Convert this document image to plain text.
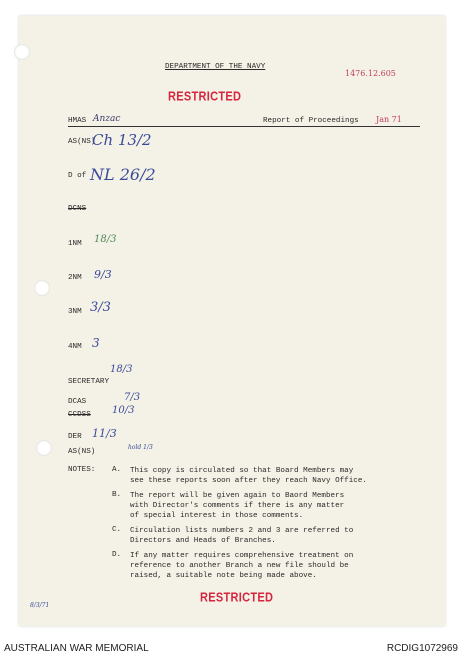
DEPARTMENT OF THE NAVY
1476.12.605
RESTRICTED
HMAS Anzac	Report of Proceedings Jan 71
AS(NS)
D of
DCNS
1NM
2NM
3NM
4NM
SECRETARY
DCAS
CCDSS
DER
AS(NS)
Ch 13/2
NL 26/2
18/3
9/3
3/3
3
18/3
7/3
10/3
11/3
hold 1/3
NOTES: A. This copy is circulated so that Board Members may
see these reports soon after they reach Navy Office.
B. The report will be given again to Baord Members
with Director's comments if there is any matter
of special interest in those comments.
C. Circulation lists numbers 2 and 3 are referred to
Directors and Heads of Branches.
D. If any matter requires comprehensive treatment on
reference to another Branch a new file should be
raised, a suitable note being made above.
8/3/71
RESTRICTED
AUSTRALIAN WAR MEMORIAL	RCDIG1072969
